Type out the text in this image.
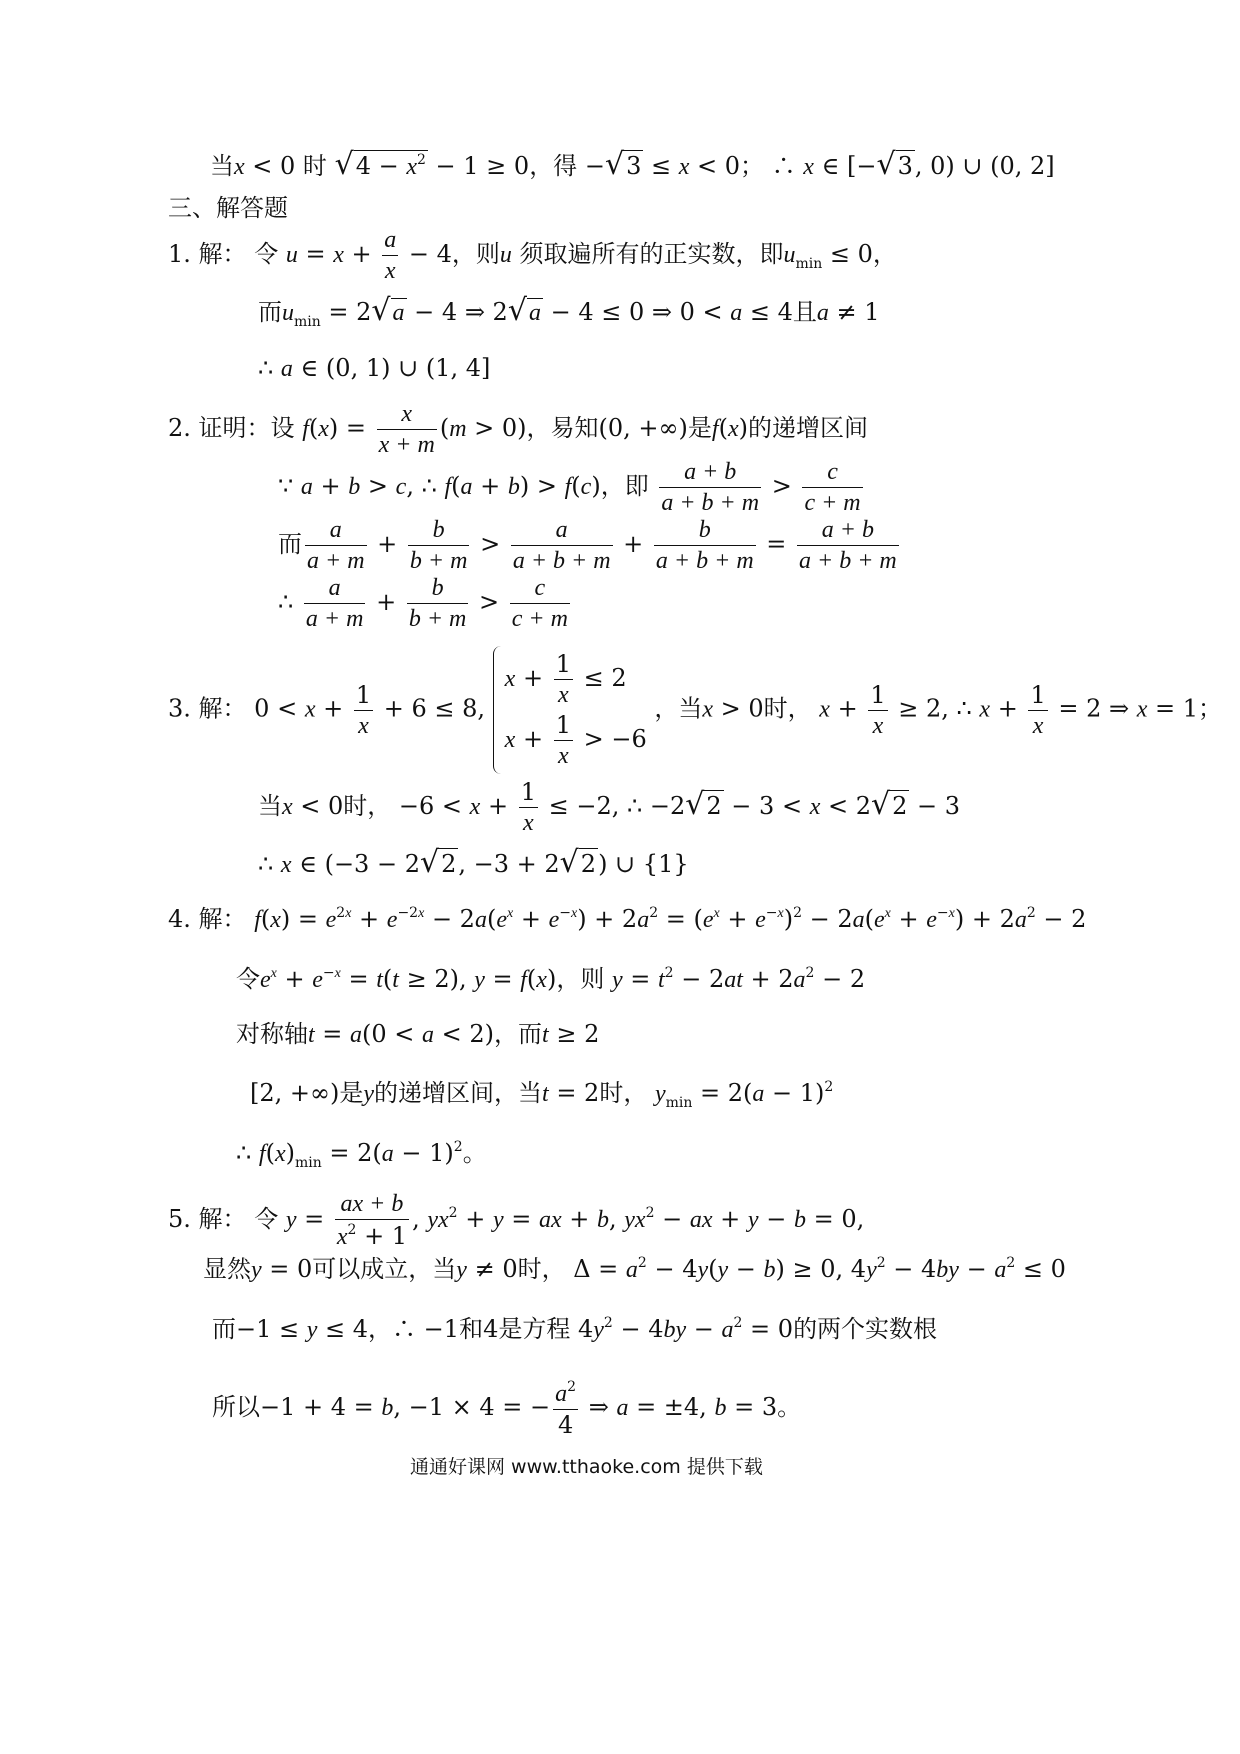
当x < 0 时 $√4 - x^2 - 1 \ge 0$，得 −√3 ≤ x < 0； ∴ x ∈ [−√3, 0) ∪ (0, 2]
三、解答题
1. 解： 令 $u = x + \frac{a}{x} - 4$，则u 须取遍所有的正实数，即$u_{min} \le 0$，
而$u_{min} = 2√a - 4$ ⇒ 2√a − 4 ≤ 0 ⇒ 0 < a ≤ 4且a ≠ 1
∴ a ∈ (0, 1) ∪ (1, 4]
2. 证明：设 $f(x) = \frac{x}{x + m} (m > 0)$，易知(0, +∞)是f(x)的递增区间
∵ a + b > c, ∴ f(a + b) > f(c)，即 $\frac{a + b}{a + b + m} > \frac{c}{c + m}$
而 $\frac{a}{a + m} + \frac{b}{b + m} > \frac{a}{a + b + m} + \frac{b}{a + b + m} = \frac{a + b}{a + b + m}$
∴ $\frac{a}{a + m} + \frac{b}{b + m} > \frac{c}{c + m}$
3. 解： $0 < x + \frac{1}{x} + 6 \le 8$,
$x + \frac{1}{x} \le 2$
$x + \frac{1}{x} > -6$
，当x > 0时， $x + \frac{1}{x} \ge 2$, ∴ $x + \frac{1}{x} = 2$ ⇒ x = 1；
当x < 0时， $-6 < x + \frac{1}{x} \le -2$, ∴ −2√2 − 3 < x < 2√2 − 3
∴ x ∈ (−3 − 2√2, −3 + 2√2) ∪ {1}
4. 解： $f(x) = e^{2x} + e^{-2x} - 2a(e^x + e^{-x}) + 2a^2 = (e^x + e^{-x})^2 - 2a(e^x + e^{-x}) + 2a^2 - 2$
令$e^x + e^{-x} = t(t \ge 2)$, y = f(x)，则 $y = t^2 - 2at + 2a^2 - 2$
对称轴t = a(0 < a < 2)，而t ≥ 2
[2, +∞)是y的递增区间，当t = 2时， $y_{min} = 2(a - 1)^2$
∴ $f(x)_{min} = 2(a - 1)^2$。
5. 解： 令 $y = \frac{ax + b}{x^2 + 1}$ , $yx^2 + y$ = ax + b, $yx^2$ − ax + y − b = 0,
显然y = 0可以成立，当y ≠ 0时， $\Delta = a^2 - 4y(y - b) \ge 0$, $4y^2 - 4by - a^2 \le 0$
而−1 ≤ y ≤ 4，∴ −1和4是方程 $4y^2 - 4by - a^2 = 0$的两个实数根
所以−1 + 4 = b, −1 × 4 = − $\frac{a^2}{4}$ ⇒ a = ±4, b = 3。
通通好课网 www.tthaoke.com 提供下载
